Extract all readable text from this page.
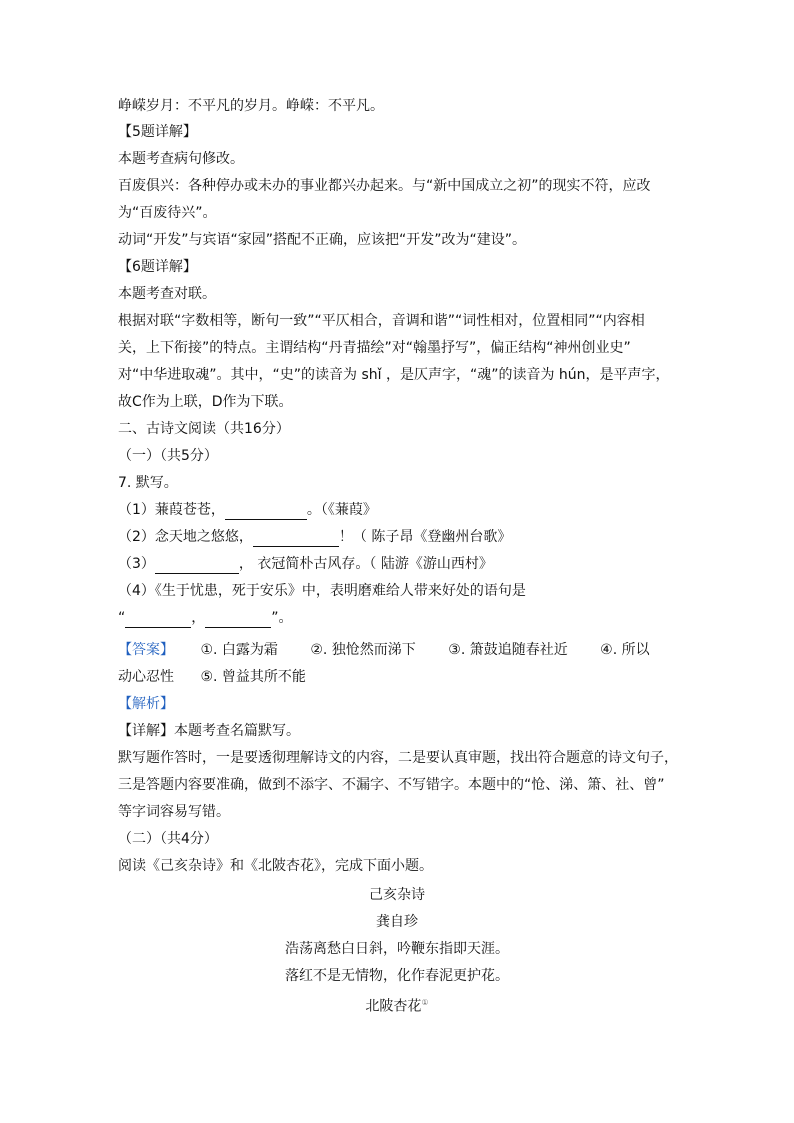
峥嵘岁月：不平凡的岁月。峥嵘：不平凡。
【5题详解】
本题考查病句修改。
百废俱兴：各种停办或未办的事业都兴办起来。与“新中国成立之初”的现实不符，应改
为“百废待兴”。
动词“开发”与宾语“家园”搭配不正确，应该把“开发”改为“建设”。
【6题详解】
本题考查对联。
根据对联“字数相等，断句一致”“平仄相合，音调和谐”“词性相对，位置相同”“内容相
关，上下衔接”的特点。主谓结构“丹青描绘”对“翰墨抒写”，偏正结构“神州创业史”
对“中华进取魂”。其中，“史”的读音为 shǐ ，是仄声字，“魂”的读音为 hún，是平声字，
故C作为上联，D作为下联。
二、古诗文阅读（共16分）
（一）（共5分）
7. 默写。
（1）蒹葭苍苍，	。（《蒹葭》
（2）念天地之悠悠，	！（ 陈子昂《登幽州台歌》
（3）	， 衣冠简朴古风存。（ 陆游《游山西村》
（4）《生于忧患，死于安乐》中，表明磨难给人带来好处的语句是
“	，	”。
【答案】 ①. 白露为霜 ②. 独怆然而涕下 ③. 箫鼓追随春社近 ④. 所以
动心忍性 ⑤. 曾益其所不能
【解析】
【详解】本题考查名篇默写。
默写题作答时，一是要透彻理解诗文的内容，二是要认真审题，找出符合题意的诗文句子，
三是答题内容要准确，做到不添字、不漏字、不写错字。本题中的“怆、涕、箫、社、曾”
等字词容易写错。
（二）（共4分）
阅读《己亥杂诗》和《北陂杏花》，完成下面小题。
己亥杂诗
龚自珍
浩荡离愁白日斜，吟鞭东指即天涯。
落红不是无情物，化作春泥更护花。
北陂杏花①
